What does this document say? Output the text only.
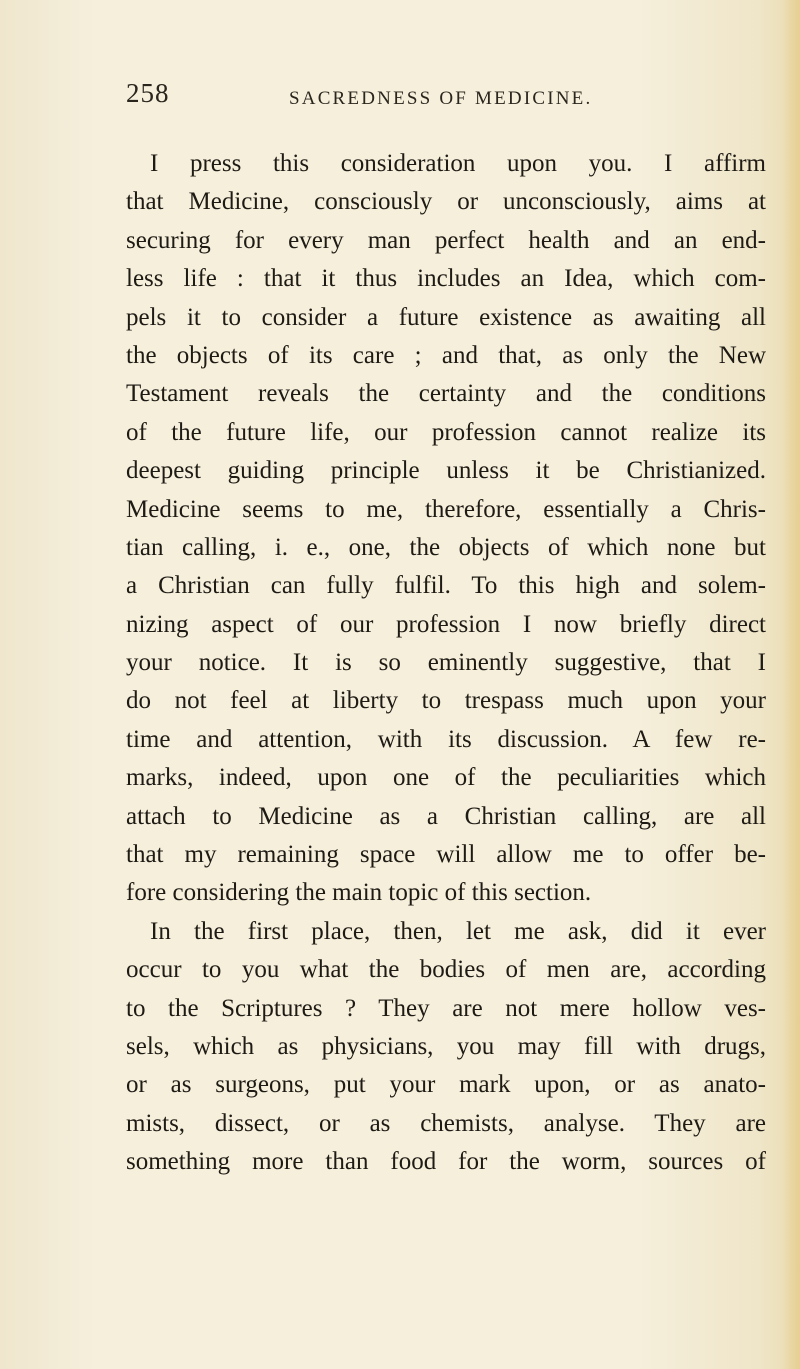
258	SACREDNESS OF MEDICINE.
I press this consideration upon you. I affirm
that Medicine, consciously or unconsciously, aims at
securing for every man perfect health and an end-
less life : that it thus includes an Idea, which com-
pels it to consider a future existence as awaiting all
the objects of its care ; and that, as only the New
Testament reveals the certainty and the conditions
of the future life, our profession cannot realize its
deepest guiding principle unless it be Christianized.
Medicine seems to me, therefore, essentially a Chris-
tian calling, i. e., one, the objects of which none but
a Christian can fully fulfil. To this high and solem-
nizing aspect of our profession I now briefly direct
your notice. It is so eminently suggestive, that I
do not feel at liberty to trespass much upon your
time and attention, with its discussion. A few re-
marks, indeed, upon one of the peculiarities which
attach to Medicine as a Christian calling, are all
that my remaining space will allow me to offer be-
fore considering the main topic of this section.
In the first place, then, let me ask, did it ever
occur to you what the bodies of men are, according
to the Scriptures ? They are not mere hollow ves-
sels, which as physicians, you may fill with drugs,
or as surgeons, put your mark upon, or as anato-
mists, dissect, or as chemists, analyse. They are
something more than food for the worm, sources of
